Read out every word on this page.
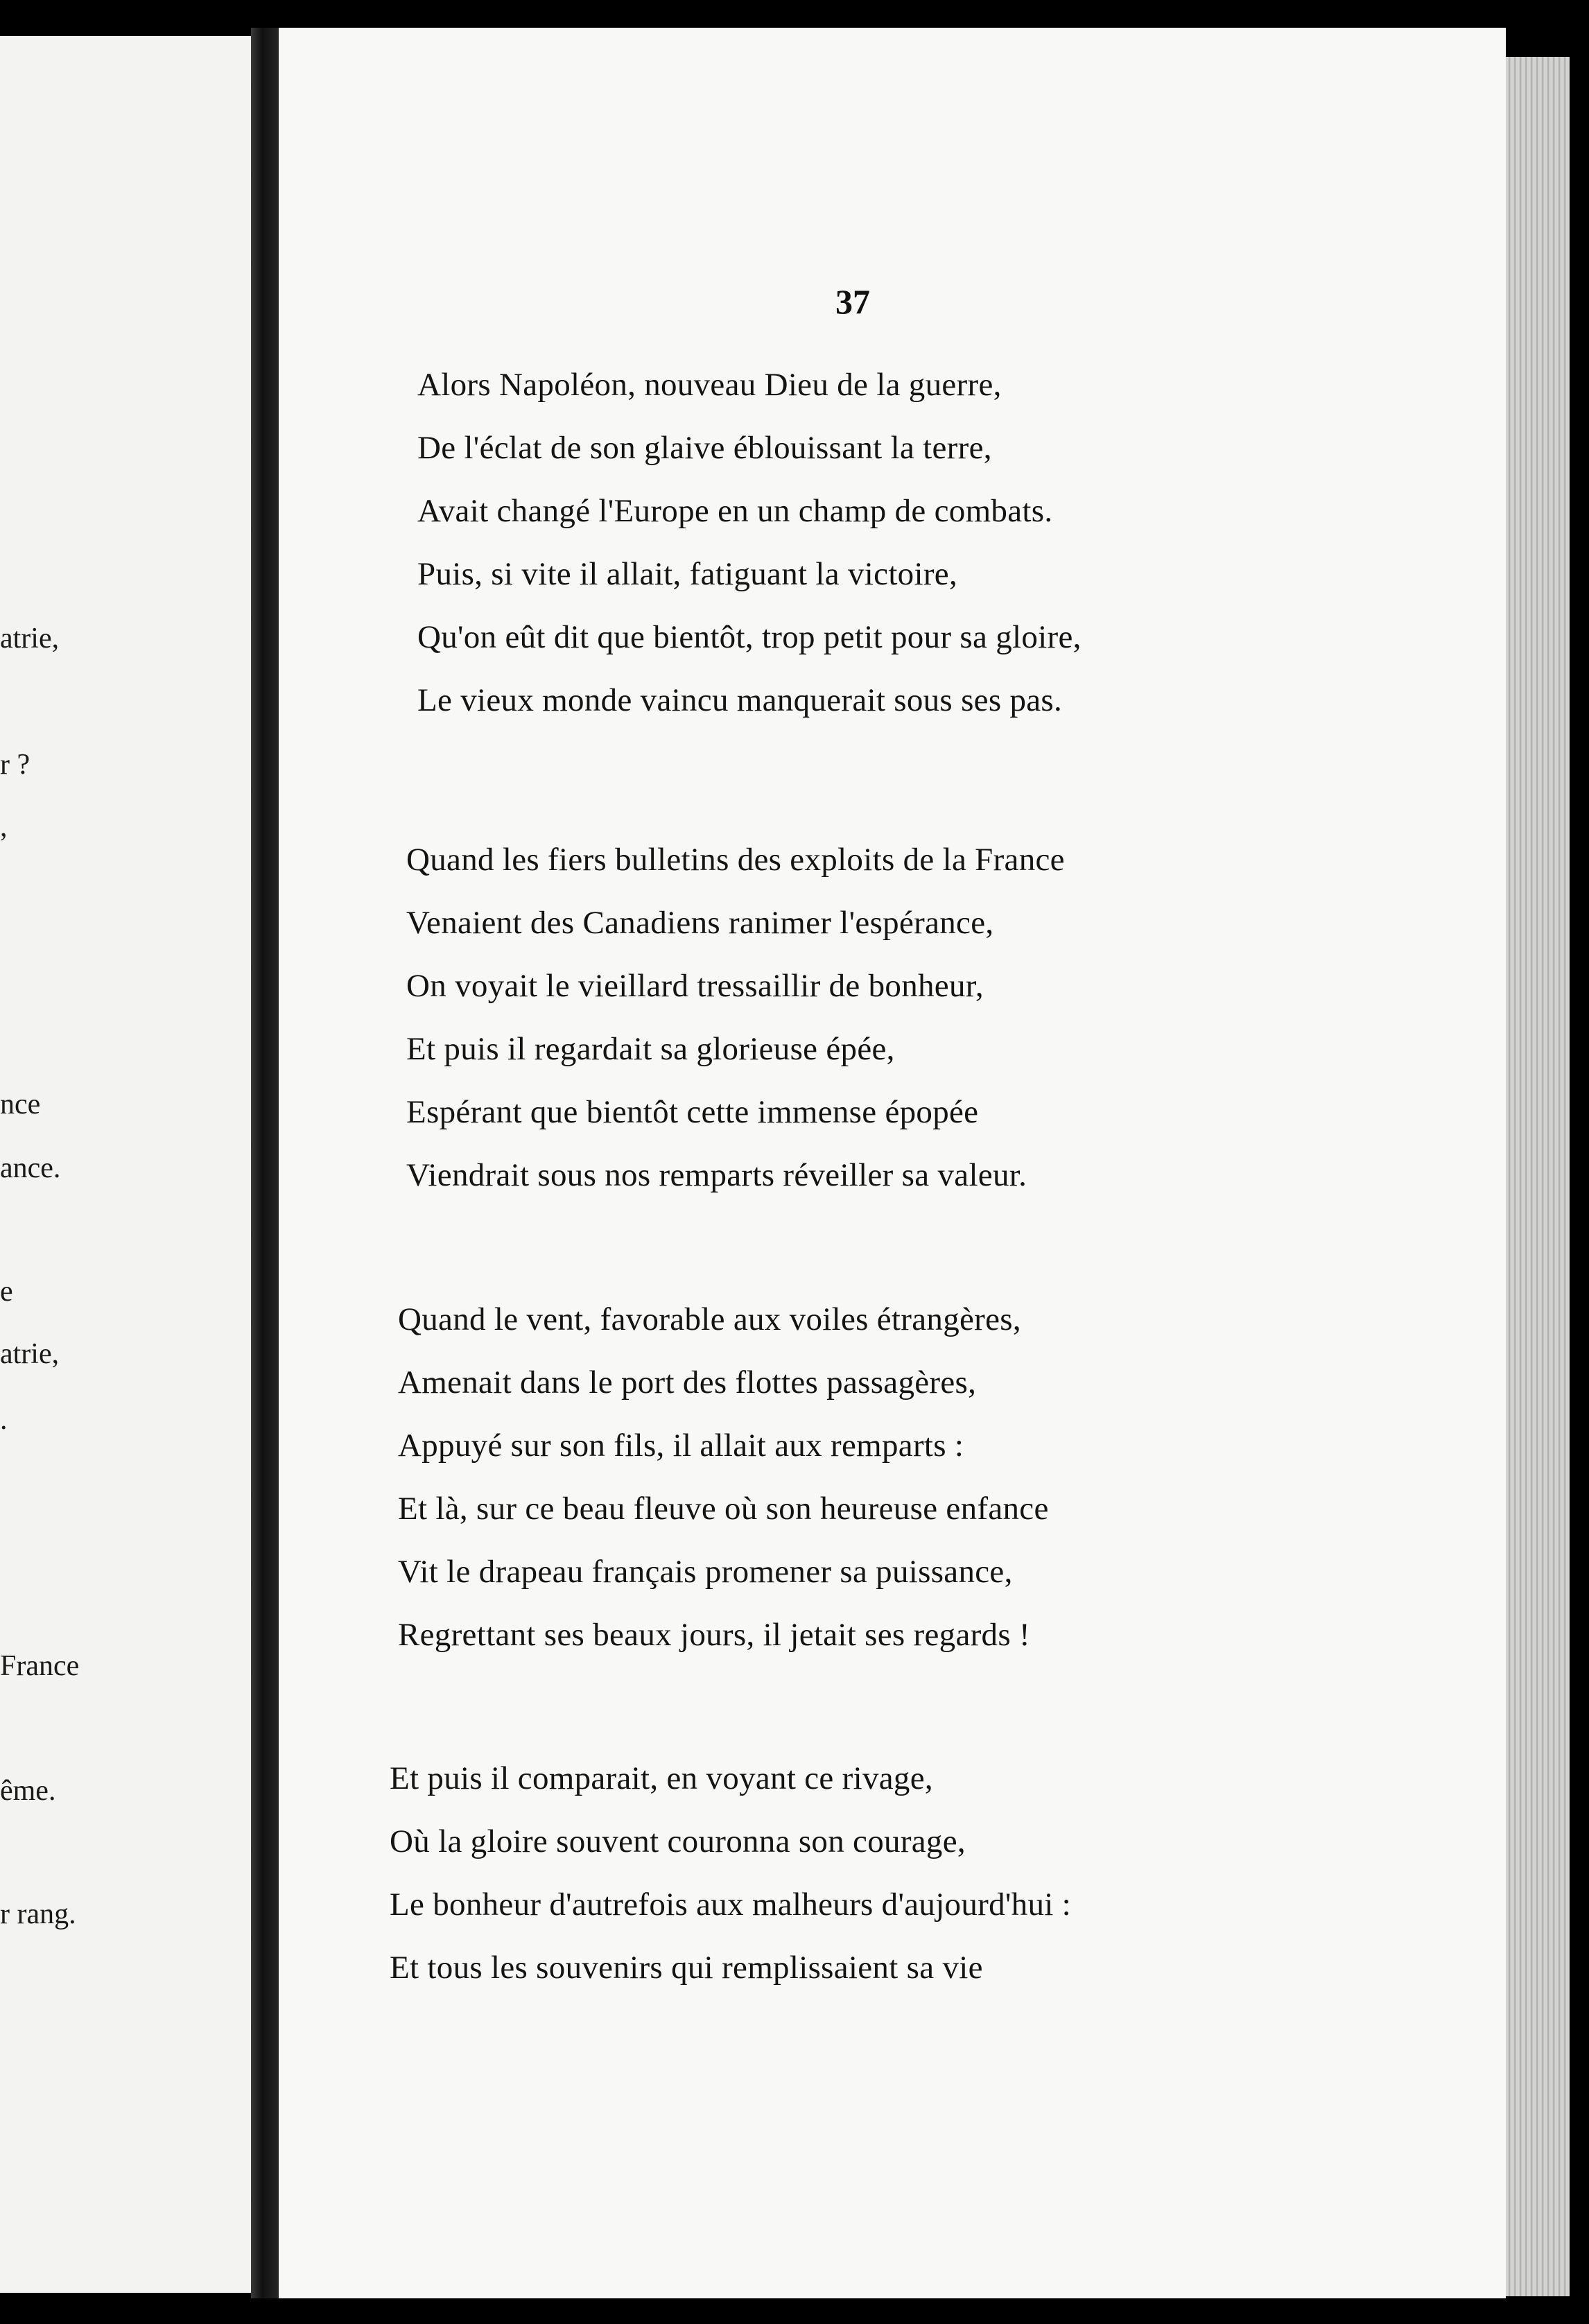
atrie,
r ?
,
nce
ance.
e
atrie,
.
France
ême.
r rang.
37
Alors Napoléon, nouveau Dieu de la guerre,
De l'éclat de son glaive éblouissant la terre,
Avait changé l'Europe en un champ de combats.
Puis, si vite il allait, fatiguant la victoire,
Qu'on eût dit que bientôt, trop petit pour sa gloire,
Le vieux monde vaincu manquerait sous ses pas.
Quand les fiers bulletins des exploits de la France
Venaient des Canadiens ranimer l'espérance,
On voyait le vieillard tressaillir de bonheur,
Et puis il regardait sa glorieuse épée,
Espérant que bientôt cette immense épopée
Viendrait sous nos remparts réveiller sa valeur.
Quand le vent, favorable aux voiles étrangères,
Amenait dans le port des flottes passagères,
Appuyé sur son fils, il allait aux remparts :
Et là, sur ce beau fleuve où son heureuse enfance
Vit le drapeau français promener sa puissance,
Regrettant ses beaux jours, il jetait ses regards !
Et puis il comparait, en voyant ce rivage,
Où la gloire souvent couronna son courage,
Le bonheur d'autrefois aux malheurs d'aujourd'hui :
Et tous les souvenirs qui remplissaient sa vie
